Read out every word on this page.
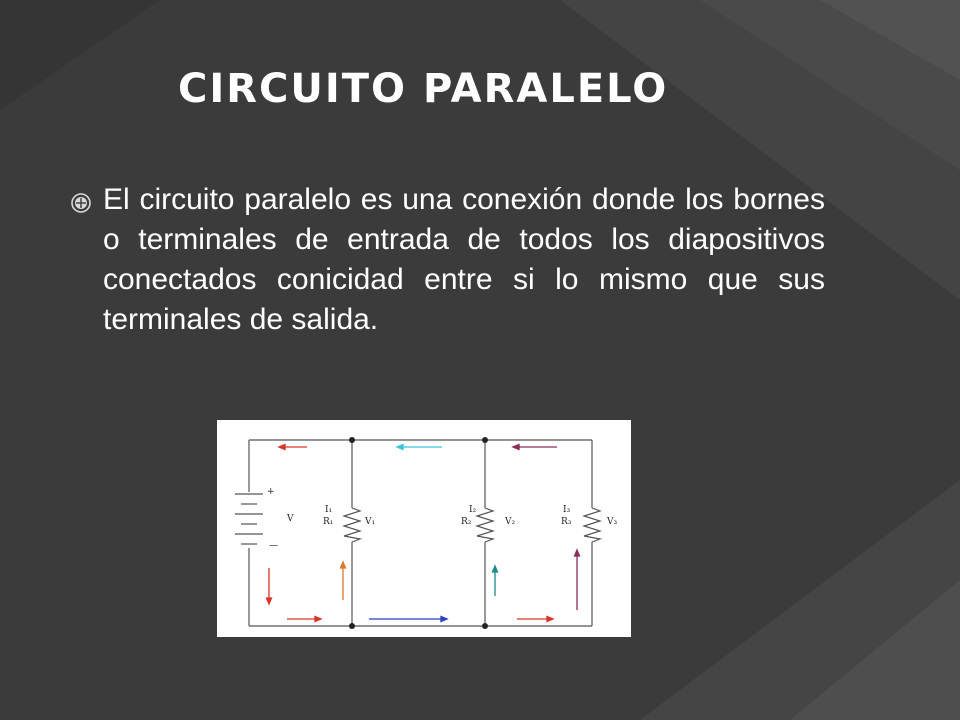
CIRCUITO PARALELO

El circuito paralelo es una conexión donde los bornes o terminales de entrada de todos los diapositivos conectados conicidad entre si lo mismo que sus terminales de salida.

+
—
V
I₁
R₁	V₁
I₂
R₂	V₂
I₃
R₃	V₃
